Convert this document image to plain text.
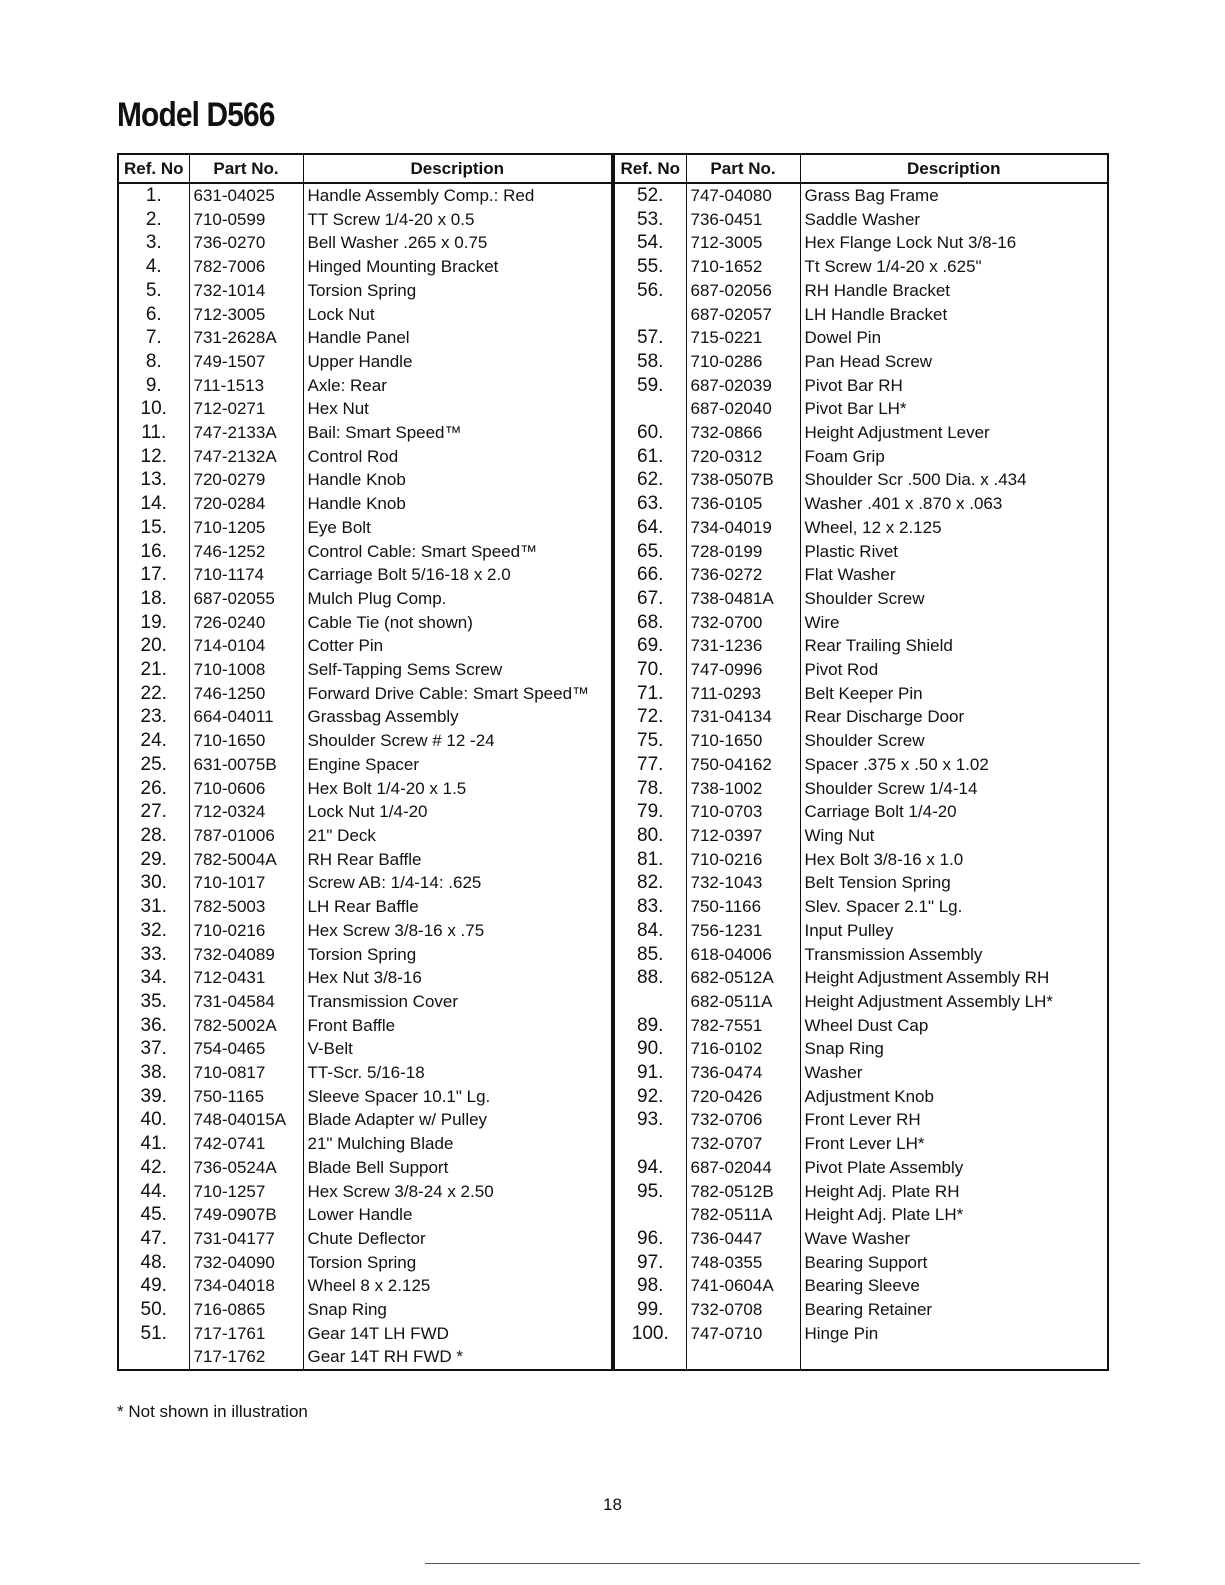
Model D566
Ref. No	Part No.	Description
1.	631-04025	Handle Assembly Comp.: Red
2.	710-0599	TT Screw 1/4-20 x 0.5
3.	736-0270	Bell Washer .265 x 0.75
4.	782-7006	Hinged Mounting Bracket
5.	732-1014	Torsion Spring
6.	712-3005	Lock Nut
7.	731-2628A	Handle Panel
8.	749-1507	Upper Handle
9.	711-1513	Axle: Rear
10.	712-0271	Hex Nut
11.	747-2133A	Bail: Smart Speed™
12.	747-2132A	Control Rod
13.	720-0279	Handle Knob
14.	720-0284	Handle Knob
15.	710-1205	Eye Bolt
16.	746-1252	Control Cable: Smart Speed™
17.	710-1174	Carriage Bolt 5/16-18 x 2.0
18.	687-02055	Mulch Plug Comp.
19.	726-0240	Cable Tie (not shown)
20.	714-0104	Cotter Pin
21.	710-1008	Self-Tapping Sems Screw
22.	746-1250	Forward Drive Cable: Smart Speed™
23.	664-04011	Grassbag Assembly
24.	710-1650	Shoulder Screw # 12 -24
25.	631-0075B	Engine Spacer
26.	710-0606	Hex Bolt 1/4-20 x 1.5
27.	712-0324	Lock Nut 1/4-20
28.	787-01006	21" Deck
29.	782-5004A	RH Rear Baffle
30.	710-1017	Screw AB: 1/4-14: .625
31.	782-5003	LH Rear Baffle
32.	710-0216	Hex Screw 3/8-16 x .75
33.	732-04089	Torsion Spring
34.	712-0431	Hex Nut 3/8-16
35.	731-04584	Transmission Cover
36.	782-5002A	Front Baffle
37.	754-0465	V-Belt
38.	710-0817	TT-Scr. 5/16-18
39.	750-1165	Sleeve Spacer 10.1" Lg.
40.	748-04015A	Blade Adapter w/ Pulley
41.	742-0741	21" Mulching Blade
42.	736-0524A	Blade Bell Support
44.	710-1257	Hex Screw 3/8-24 x 2.50
45.	749-0907B	Lower Handle
47.	731-04177	Chute Deflector
48.	732-04090	Torsion Spring
49.	734-04018	Wheel 8 x 2.125
50.	716-0865	Snap Ring
51.	717-1761	Gear 14T LH FWD
	717-1762	Gear 14T RH FWD *
Ref. No	Part No.	Description
52.	747-04080	Grass Bag Frame
53.	736-0451	Saddle Washer
54.	712-3005	Hex Flange Lock Nut 3/8-16
55.	710-1652	Tt Screw 1/4-20 x .625"
56.	687-02056	RH Handle Bracket
	687-02057	LH Handle Bracket
57.	715-0221	Dowel Pin
58.	710-0286	Pan Head Screw
59.	687-02039	Pivot Bar RH
	687-02040	Pivot Bar LH*
60.	732-0866	Height Adjustment Lever
61.	720-0312	Foam Grip
62.	738-0507B	Shoulder Scr .500 Dia. x .434
63.	736-0105	Washer .401 x .870 x .063
64.	734-04019	Wheel, 12 x 2.125
65.	728-0199	Plastic Rivet
66.	736-0272	Flat Washer
67.	738-0481A	Shoulder Screw
68.	732-0700	Wire
69.	731-1236	Rear Trailing Shield
70.	747-0996	Pivot Rod
71.	711-0293	Belt Keeper Pin
72.	731-04134	Rear Discharge Door
75.	710-1650	Shoulder Screw
77.	750-04162	Spacer .375 x .50 x 1.02
78.	738-1002	Shoulder Screw 1/4-14
79.	710-0703	Carriage Bolt 1/4-20
80.	712-0397	Wing Nut
81.	710-0216	Hex Bolt 3/8-16 x 1.0
82.	732-1043	Belt Tension Spring
83.	750-1166	Slev. Spacer 2.1" Lg.
84.	756-1231	Input Pulley
85.	618-04006	Transmission Assembly
88.	682-0512A	Height Adjustment Assembly RH
	682-0511A	Height Adjustment Assembly LH*
89.	782-7551	Wheel Dust Cap
90.	716-0102	Snap Ring
91.	736-0474	Washer
92.	720-0426	Adjustment Knob
93.	732-0706	Front Lever RH
	732-0707	Front Lever LH*
94.	687-02044	Pivot Plate Assembly
95.	782-0512B	Height Adj. Plate RH
	782-0511A	Height Adj. Plate LH*
96.	736-0447	Wave Washer
97.	748-0355	Bearing Support
98.	741-0604A	Bearing Sleeve
99.	732-0708	Bearing Retainer
100.	747-0710	Hinge Pin

* Not shown in illustration
18
